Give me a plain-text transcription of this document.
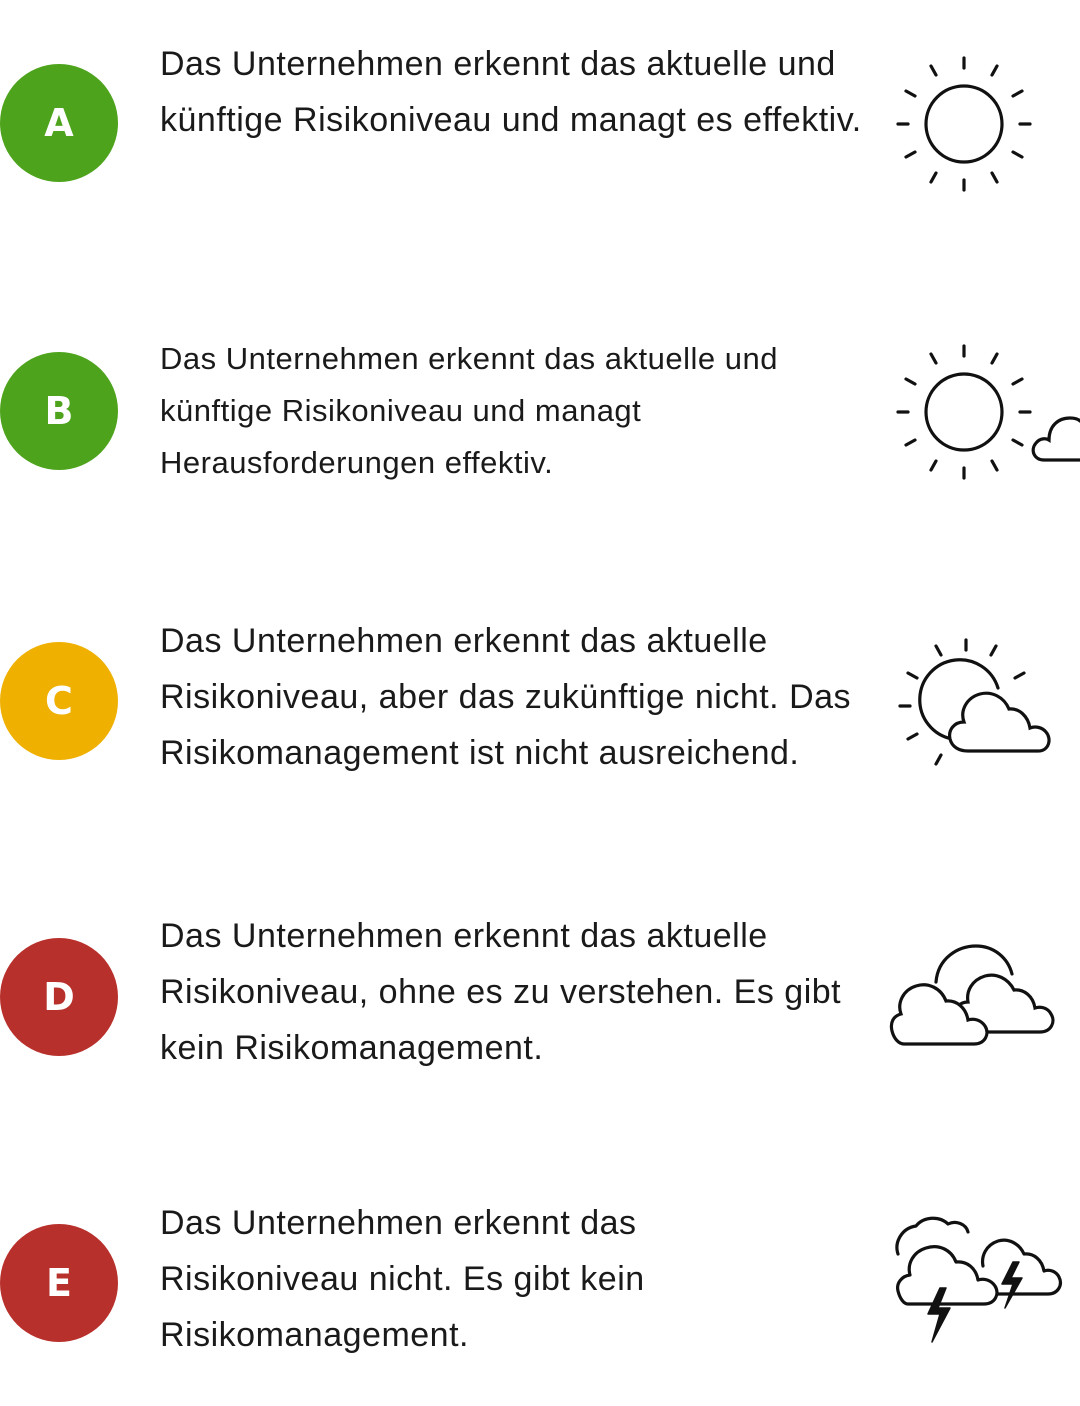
A

Das Unternehmen erkennt das aktuelle und künftige Risikoniveau und managt es effektiv.

B

Das Unternehmen erkennt das aktuelle und künftige Risikoniveau und managt Herausforderungen effektiv.

C

Das Unternehmen erkennt das aktuelle Risikoniveau, aber das zukünftige nicht. Das Risikomanagement ist nicht ausreichend.

D

Das Unternehmen erkennt das aktuelle Risikoniveau, ohne es zu verstehen. Es gibt kein Risikomanagement.

E

Das Unternehmen erkennt das Risikoniveau nicht. Es gibt kein Risikomanagement.
